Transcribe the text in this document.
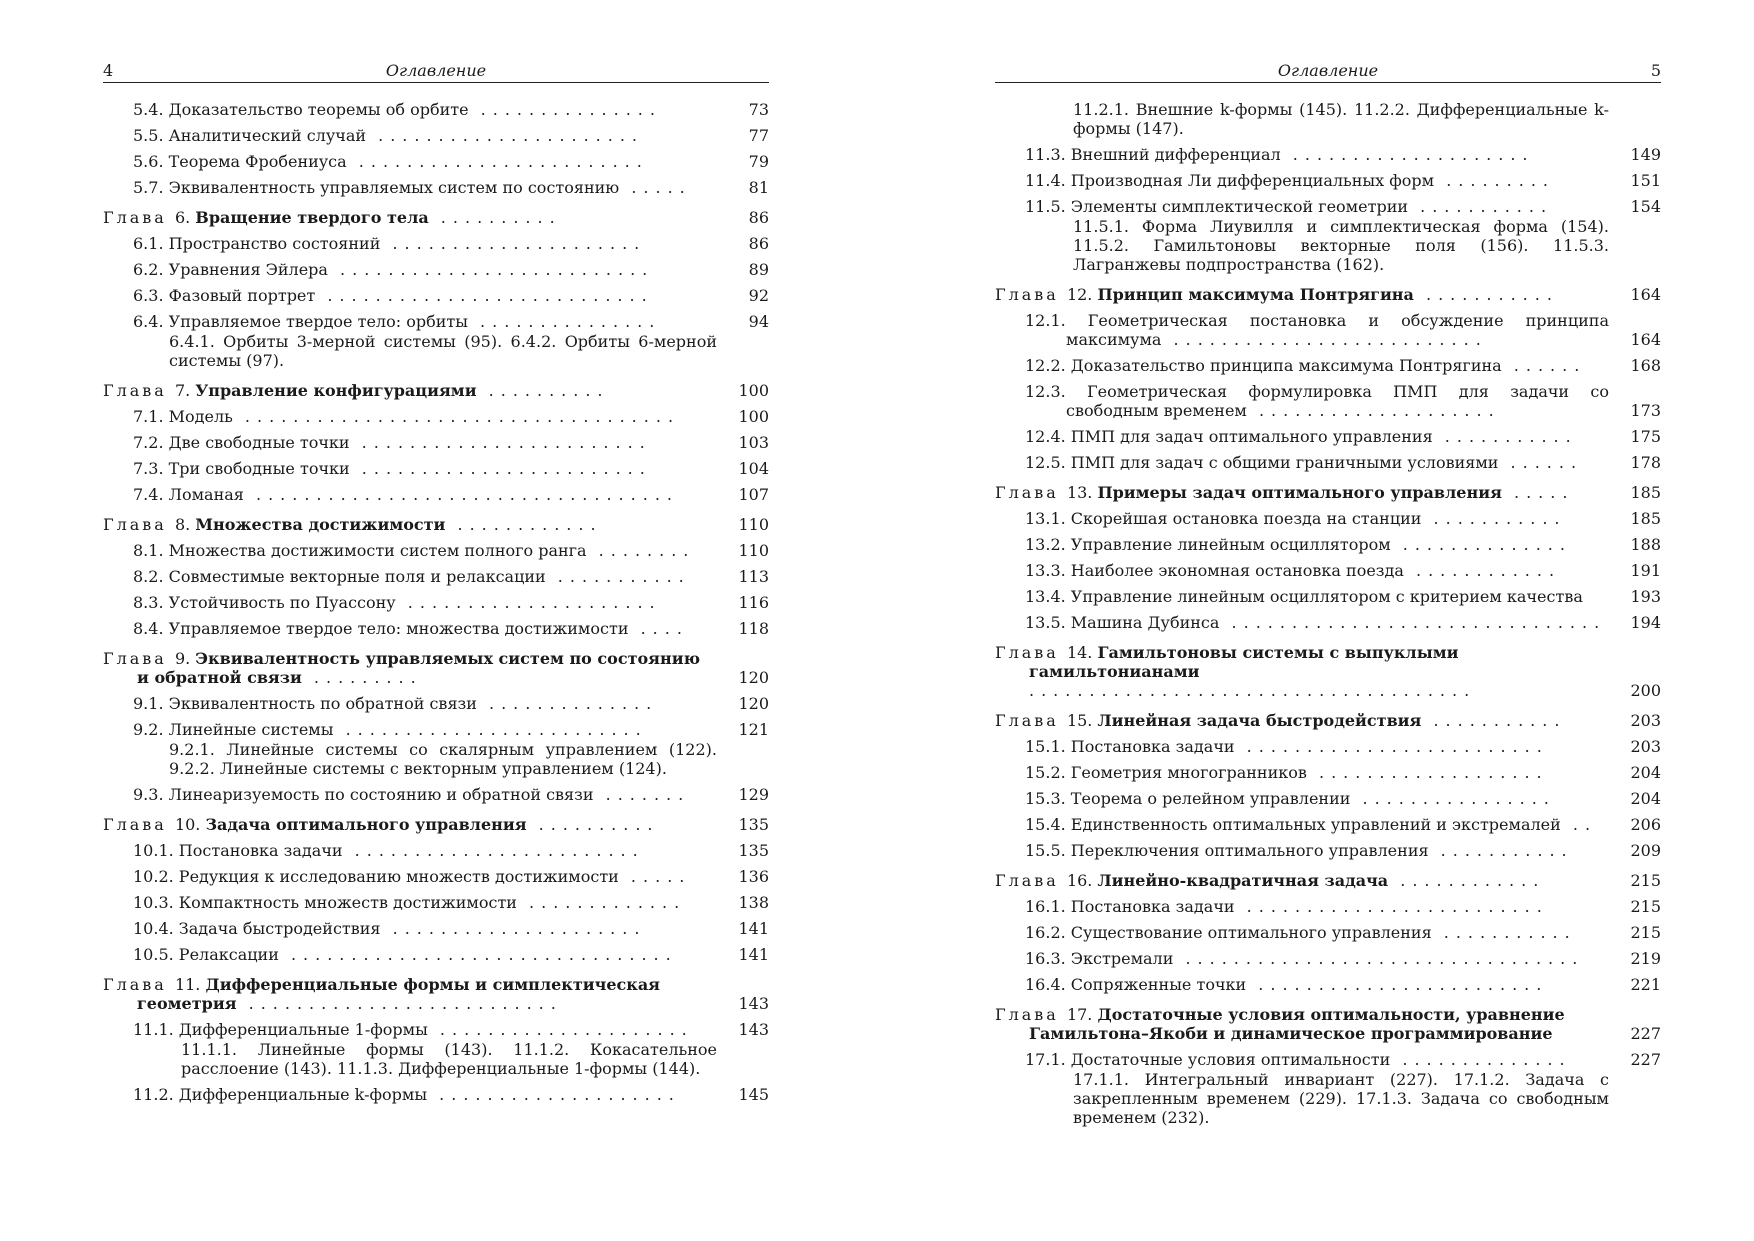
4	Оглавление
5.4. Доказательство теоремы об орбите ...............	73
5.5. Аналитический случай ......................	77
5.6. Теорема Фробениуса ........................	79
5.7. Эквивалентность управляемых систем по состоянию .....	81
Глава 6. Вращение твердого тела ..........	86
6.1. Пространство состояний .....................	86
6.2. Уравнения Эйлера ..........................	89
6.3. Фазовый портрет ...........................	92
6.4. Управляемое твердое тело: орбиты ...............	94
6.4.1. Орбиты 3-мерной системы (95). 6.4.2. Орбиты 6-мерной системы (97).
Глава 7. Управление конфигурациями ..........	100
7.1. Модель ....................................	100
7.2. Две свободные точки ........................	103
7.3. Три свободные точки ........................	104
7.4. Ломаная ...................................	107
Глава 8. Множества достижимости ............	110
8.1. Множества достижимости систем полного ранга ........	110
8.2. Совместимые векторные поля и релаксации ...........	113
8.3. Устойчивость по Пуассону .....................	116
8.4. Управляемое твердое тело: множества достижимости ....	118
Глава 9. Эквивалентность управляемых систем по состоянию и обратной связи .........	120
9.1. Эквивалентность по обратной связи ..............	120
9.2. Линейные системы .........................	121
9.2.1. Линейные системы со скалярным управлением (122). 9.2.2. Линейные системы с векторным управлением (124).
9.3. Линеаризуемость по состоянию и обратной связи .......	129
Глава 10. Задача оптимального управления ..........	135
10.1. Постановка задачи ........................	135
10.2. Редукция к исследованию множеств достижимости .....	136
10.3. Компактность множеств достижимости .............	138
10.4. Задача быстродействия .....................	141
10.5. Релаксации ................................	141
Глава 11. Дифференциальные формы и симплектическая геометрия ..........................	143
11.1. Дифференциальные 1-формы .....................	143
11.1.1. Линейные формы (143). 11.1.2. Кокасательное расслоение (143). 11.1.3. Дифференциальные 1-формы (144).
11.2. Дифференциальные k-формы ....................	145
Оглавление	5
11.2.1. Внешние k-формы (145). 11.2.2. Дифференциальные k-формы (147).
11.3. Внешний дифференциал ....................	149
11.4. Производная Ли дифференциальных форм .........	151
11.5. Элементы симплектической геометрии ...........	154
11.5.1. Форма Лиувилля и симплектическая форма (154). 11.5.2. Гамильтоновы векторные поля (156). 11.5.3. Лагранжевы подпространства (162).
Глава 12. Принцип максимума Понтрягина ...........	164
12.1. Геометрическая постановка и обсуждение принципа максимума ..........................	164
12.2. Доказательство принципа максимума Понтрягина ......	168
12.3. Геометрическая формулировка ПМП для задачи со свободным временем ....................	173
12.4. ПМП для задач оптимального управления ...........	175
12.5. ПМП для задач с общими граничными условиями ......	178
Глава 13. Примеры задач оптимального управления .....	185
13.1. Скорейшая остановка поезда на станции ...........	185
13.2. Управление линейным осциллятором ..............	188
13.3. Наиболее экономная остановка поезда ............	191
13.4. Управление линейным осциллятором с критерием качества	193
13.5. Машина Дубинса ...............................	194
Глава 14. Гамильтоновы системы с выпуклыми гамильтонианами .....................................	200
Глава 15. Линейная задача быстродействия ...........	203
15.1. Постановка задачи .........................	203
15.2. Геометрия многогранников ...................	204
15.3. Теорема о релейном управлении ................	204
15.4. Единственность оптимальных управлений и экстремалей ..	206
15.5. Переключения оптимального управления ...........	209
Глава 16. Линейно-квадратичная задача ............	215
16.1. Постановка задачи .........................	215
16.2. Существование оптимального управления ...........	215
16.3. Экстремали .................................	219
16.4. Сопряженные точки ........................	221
Глава 17. Достаточные условия оптимальности, уравнение Гамильтона–Якоби и динамическое программирование	227
17.1. Достаточные условия оптимальности ..............	227
17.1.1. Интегральный инвариант (227). 17.1.2. Задача с закрепленным временем (229). 17.1.3. Задача со свободным временем (232).
